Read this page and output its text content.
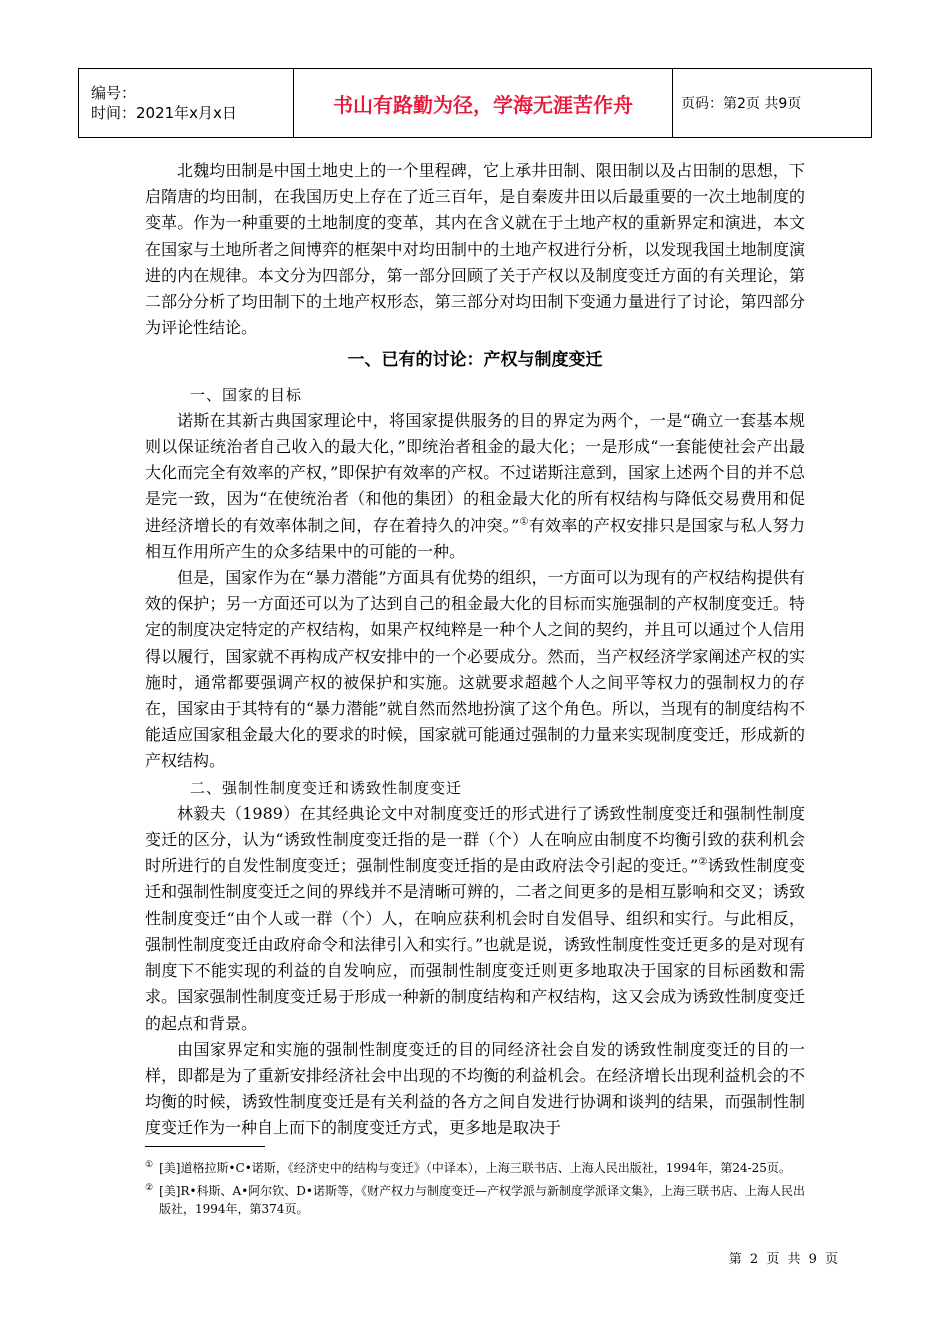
编号：
时间：2021年x月x日	书山有路勤为径，学海无涯苦作舟	页码：第2页 共9页

北魏均田制是中国土地史上的一个里程碑，它上承井田制、限田制以及占田制的思想，下启隋唐的均田制，在我国历史上存在了近三百年，是自秦废井田以后最重要的一次土地制度的变革。作为一种重要的土地制度的变革，其内在含义就在于土地产权的重新界定和演进，本文在国家与土地所者之间博弈的框架中对均田制中的土地产权进行分析，以发现我国土地制度演进的内在规律。本文分为四部分，第一部分回顾了关于产权以及制度变迁方面的有关理论，第二部分分析了均田制下的土地产权形态，第三部分对均田制下变通力量进行了讨论，第四部分为评论性结论。

一、已有的讨论：产权与制度变迁

一、国家的目标

诺斯在其新古典国家理论中，将国家提供服务的目的界定为两个，一是“确立一套基本规则以保证统治者自己收入的最大化，”即统治者租金的最大化；一是形成“一套能使社会产出最大化而完全有效率的产权，”即保护有效率的产权。不过诺斯注意到，国家上述两个目的并不总是完一致，因为“在使统治者（和他的集团）的租金最大化的所有权结构与降低交易费用和促进经济增长的有效率体制之间，存在着持久的冲突。”①有效率的产权安排只是国家与私人努力相互作用所产生的众多结果中的可能的一种。

但是，国家作为在“暴力潜能”方面具有优势的组织，一方面可以为现有的产权结构提供有效的保护；另一方面还可以为了达到自己的租金最大化的目标而实施强制的产权制度变迁。特定的制度决定特定的产权结构，如果产权纯粹是一种个人之间的契约，并且可以通过个人信用得以履行，国家就不再构成产权安排中的一个必要成分。然而，当产权经济学家阐述产权的实施时，通常都要强调产权的被保护和实施。这就要求超越个人之间平等权力的强制权力的存在，国家由于其特有的“暴力潜能”就自然而然地扮演了这个角色。所以，当现有的制度结构不能适应国家租金最大化的要求的时候，国家就可能通过强制的力量来实现制度变迁，形成新的产权结构。

二、强制性制度变迁和诱致性制度变迁

林毅夫（1989）在其经典论文中对制度变迁的形式进行了诱致性制度变迁和强制性制度变迁的区分，认为“诱致性制度变迁指的是一群（个）人在响应由制度不均衡引致的获利机会时所进行的自发性制度变迁；强制性制度变迁指的是由政府法令引起的变迁。”②诱致性制度变迁和强制性制度变迁之间的界线并不是清晰可辨的，二者之间更多的是相互影响和交叉；诱致性制度变迁“由个人或一群（个）人，在响应获利机会时自发倡导、组织和实行。与此相反，强制性制度变迁由政府命令和法律引入和实行。”也就是说，诱致性制度性变迁更多的是对现有制度下不能实现的利益的自发响应，而强制性制度变迁则更多地取决于国家的目标函数和需求。国家强制性制度变迁易于形成一种新的制度结构和产权结构，这又会成为诱致性制度变迁的起点和背景。

由国家界定和实施的强制性制度变迁的目的同经济社会自发的诱致性制度变迁的目的一样，即都是为了重新安排经济社会中出现的不均衡的利益机会。在经济增长出现利益机会的不均衡的时候，诱致性制度变迁是有关利益的各方之间自发进行协调和谈判的结果，而强制性制度变迁作为一种自上而下的制度变迁方式，更多地是取决于

① [美]道格拉斯•C•诺斯，《经济史中的结构与变迁》（中译本），上海三联书店、上海人民出版社，1994年，第24-25页。

② [美]R•科斯、A•阿尔钦、D•诺斯等，《财产权力与制度变迁—产权学派与新制度学派译文集》，上海三联书店、上海人民出版社，1994年，第374页。

第 2 页 共 9 页
